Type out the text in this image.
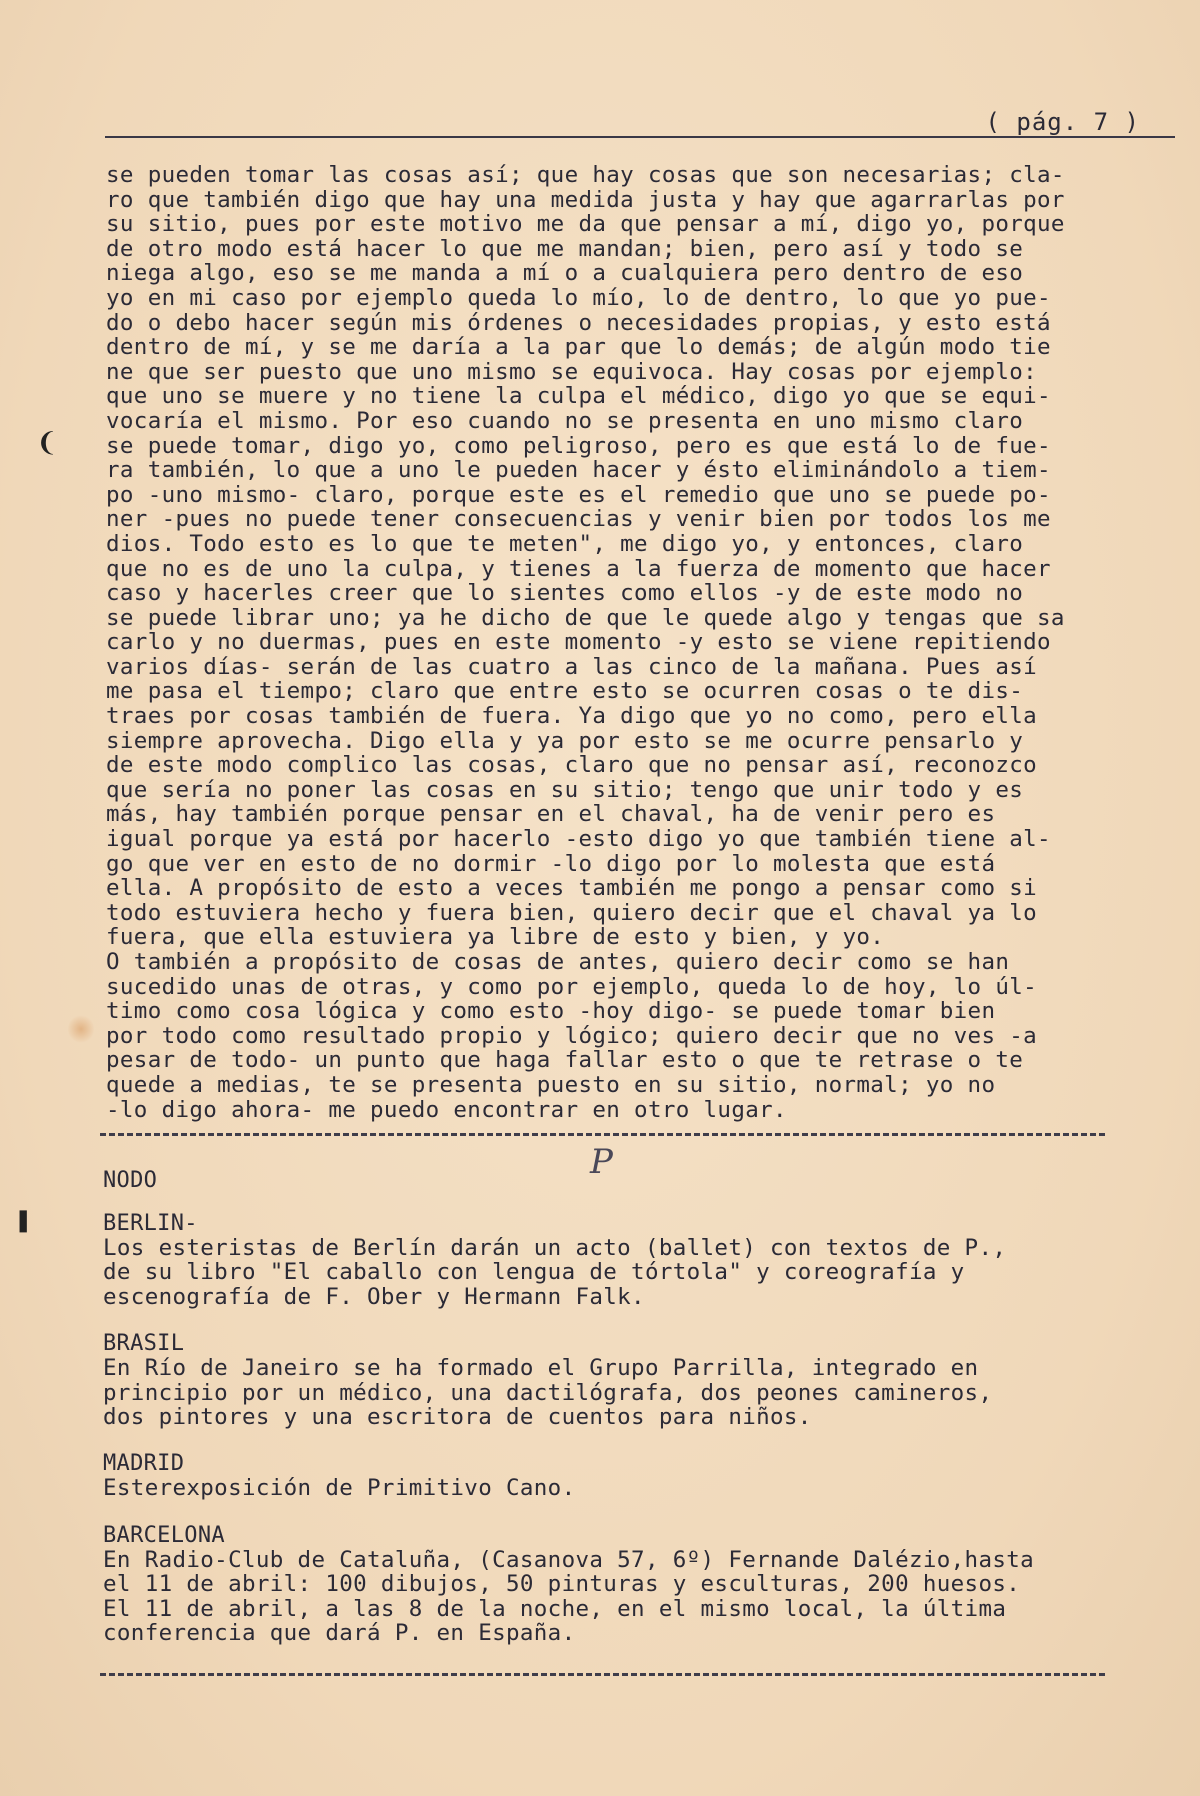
( pág. 7 )
se pueden tomar las cosas así; que hay cosas que son necesarias; cla-
ro que también digo que hay una medida justa y hay que agarrarlas por
su sitio, pues por este motivo me da que pensar a mí, digo yo, porque
de otro modo está hacer lo que me mandan; bien, pero así y todo se
niega algo, eso se me manda a mí o a cualquiera pero dentro de eso
yo en mi caso por ejemplo queda lo mío, lo de dentro, lo que yo pue-
do o debo hacer según mis órdenes o necesidades propias, y esto está
dentro de mí, y se me daría a la par que lo demás; de algún modo tie
ne que ser puesto que uno mismo se equivoca. Hay cosas por ejemplo:
que uno se muere y no tiene la culpa el médico, digo yo que se equi-
vocaría el mismo. Por eso cuando no se presenta en uno mismo claro
se puede tomar, digo yo, como peligroso, pero es que está lo de fue-
ra también, lo que a uno le pueden hacer y ésto eliminándolo a tiem-
po -uno mismo- claro, porque este es el remedio que uno se puede po-
ner -pues no puede tener consecuencias y venir bien por todos los me
dios. Todo esto es lo que te meten", me digo yo, y entonces, claro
que no es de uno la culpa, y tienes a la fuerza de momento que hacer
caso y hacerles creer que lo sientes como ellos -y de este modo no
se puede librar uno; ya he dicho de que le quede algo y tengas que sa
carlo y no duermas, pues en este momento -y esto se viene repitiendo
varios días- serán de las cuatro a las cinco de la mañana. Pues así
me pasa el tiempo; claro que entre esto se ocurren cosas o te dis-
traes por cosas también de fuera. Ya digo que yo no como, pero ella
siempre aprovecha. Digo ella y ya por esto se me ocurre pensarlo y
de este modo complico las cosas, claro que no pensar así, reconozco
que sería no poner las cosas en su sitio; tengo que unir todo y es
más, hay también porque pensar en el chaval, ha de venir pero es
igual porque ya está por hacerlo -esto digo yo que también tiene al-
go que ver en esto de no dormir -lo digo por lo molesta que está
ella. A propósito de esto a veces también me pongo a pensar como si
todo estuviera hecho y fuera bien, quiero decir que el chaval ya lo
fuera, que ella estuviera ya libre de esto y bien, y yo.
O también a propósito de cosas de antes, quiero decir como se han
sucedido unas de otras, y como por ejemplo, queda lo de hoy, lo úl-
timo como cosa lógica y como esto -hoy digo- se puede tomar bien
por todo como resultado propio y lógico; quiero decir que no ves -a
pesar de todo- un punto que haga fallar esto o que te retrase o te
quede a medias, te se presenta puesto en su sitio, normal; yo no
-lo digo ahora- me puedo encontrar en otro lugar.
P
NODO
BERLIN-
Los esteristas de Berlín darán un acto (ballet) con textos de P.,
de su libro "El caballo con lengua de tórtola" y coreografía y
escenografía de F. Ober y Hermann Falk.
BRASIL
En Río de Janeiro se ha formado el Grupo Parrilla, integrado en
principio por un médico, una dactilógrafa, dos peones camineros,
dos pintores y una escritora de cuentos para niños.
MADRID
Esterexposición de Primitivo Cano.
BARCELONA
En Radio-Club de Cataluña, (Casanova 57, 6º) Fernande Dalézio,hasta
el 11 de abril: 100 dibujos, 50 pinturas y esculturas, 200 huesos.
El 11 de abril, a las 8 de la noche, en el mismo local, la última
conferencia que dará P. en España.
❨
❚
